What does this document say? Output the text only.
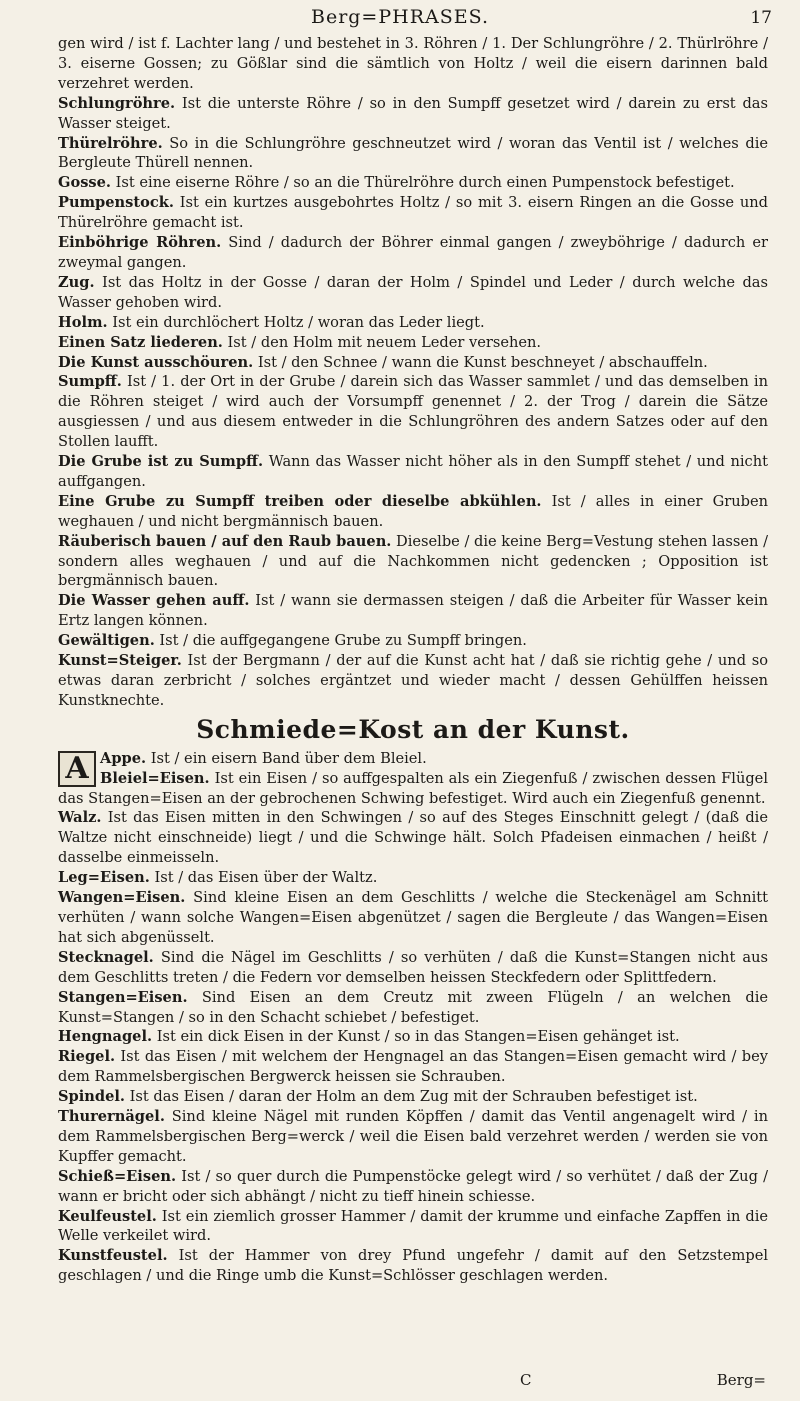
Berg=PHRASES.	17

gen wird / ist f. Lachter lang / und bestehet in 3. Röhren / 1. Der Schlungröhre / 2. Thürlröhre / 3. eiserne Gossen; zu Gößlar sind die sämtlich von Holtz / weil die eisern darinnen bald verzehret werden.

Schlungröhre. Ist die unterste Röhre / so in den Sumpff gesetzet wird / darein zu erst das Wasser steiget.

Thürelröhre. So in die Schlungröhre geschneutzet wird / woran das Ventil ist / welches die Bergleute Thürell nennen.

Gosse. Ist eine eiserne Röhre / so an die Thürelröhre durch einen Pumpenstock befestiget.

Pumpenstock. Ist ein kurtzes ausgebohrtes Holtz / so mit 3. eisern Ringen an die Gosse und Thürelröhre gemacht ist.

Einböhrige Röhren. Sind / dadurch der Böhrer einmal gangen / zweyböhrige / dadurch er zweymal gangen.

Zug. Ist das Holtz in der Gosse / daran der Holm / Spindel und Leder / durch welche das Wasser gehoben wird.

Holm. Ist ein durchlöchert Holtz / woran das Leder liegt.

Einen Satz liederen. Ist / den Holm mit neuem Leder versehen.

Die Kunst ausschöuren. Ist / den Schnee / wann die Kunst beschneyet / abschauffeln.

Sumpff. Ist / 1. der Ort in der Grube / darein sich das Wasser sammlet / und das demselben in die Röhren steiget / wird auch der Vorsumpff genennet / 2. der Trog / darein die Sätze ausgiessen / und aus diesem entweder in die Schlungröhren des andern Satzes oder auf den Stollen laufft.

Die Grube ist zu Sumpff. Wann das Wasser nicht höher als in den Sumpff stehet / und nicht auffgangen.

Eine Grube zu Sumpff treiben oder dieselbe abkühlen. Ist / alles in einer Gruben weghauen / und nicht bergmännisch bauen.

Räuberisch bauen / auf den Raub bauen. Dieselbe / die keine Berg=Vestung stehen lassen / sondern alles weghauen / und auf die Nachkommen nicht gedencken ; Opposition ist bergmännisch bauen.

Die Wasser gehen auff. Ist / wann sie dermassen steigen / daß die Arbeiter für Wasser kein Ertz langen können.

Gewältigen. Ist / die auffgegangene Grube zu Sumpff bringen.

Kunst=Steiger. Ist der Bergmann / der auf die Kunst acht hat / daß sie richtig gehe / und so etwas daran zerbricht / solches ergäntzet und wieder macht / dessen Gehülffen heissen Kunstknechte.

Schmiede=Kost an der Kunst.
A Appe. Ist / ein eisern Band über dem Bleiel.

Bleiel=Eisen. Ist ein Eisen / so auffgespalten als ein Ziegenfuß / zwischen dessen Flügel das Stangen=Eisen an der gebrochenen Schwing befestiget. Wird auch ein Ziegenfuß genennt.

Walz. Ist das Eisen mitten in den Schwingen / so auf des Steges Einschnitt gelegt / (daß die Waltze nicht einschneide) liegt / und die Schwinge hält. Solch Pfadeisen einmachen / heißt / dasselbe einmeisseln.

Leg=Eisen. Ist / das Eisen über der Waltz.

Wangen=Eisen. Sind kleine Eisen an dem Geschlitts / welche die Steckenägel am Schnitt verhüten / wann solche Wangen=Eisen abgenützet / sagen die Bergleute / das Wangen=Eisen hat sich abgenüsselt.

Stecknagel. Sind die Nägel im Geschlitts / so verhüten / daß die Kunst=Stangen nicht aus dem Geschlitts treten / die Federn vor demselben heissen Steckfedern oder Splittfedern.

Stangen=Eisen. Sind Eisen an dem Creutz mit zween Flügeln / an welchen die Kunst=Stangen / so in den Schacht schiebet / befestiget.

Hengnagel. Ist ein dick Eisen in der Kunst / so in das Stangen=Eisen gehänget ist.

Riegel. Ist das Eisen / mit welchem der Hengnagel an das Stangen=Eisen gemacht wird / bey dem Rammelsbergischen Bergwerck heissen sie Schrauben.

Spindel. Ist das Eisen / daran der Holm an dem Zug mit der Schrauben befestiget ist.

Thurernägel. Sind kleine Nägel mit runden Köpffen / damit das Ventil angenagelt wird / in dem Rammelsbergischen Berg=werck / weil die Eisen bald verzehret werden / werden sie von Kupffer gemacht.

Schieß=Eisen. Ist / so quer durch die Pumpenstöcke gelegt wird / so verhütet / daß der Zug / wann er bricht oder sich abhängt / nicht zu tieff hinein schiesse.

Keulfeustel. Ist ein ziemlich grosser Hammer / damit der krumme und einfache Zapffen in die Welle verkeilet wird.

Kunstfeustel. Ist der Hammer von drey Pfund ungefehr / damit auf den Setzstempel geschlagen / und die Ringe umb die Kunst=Schlösser geschlagen werden.

C	Berg=
